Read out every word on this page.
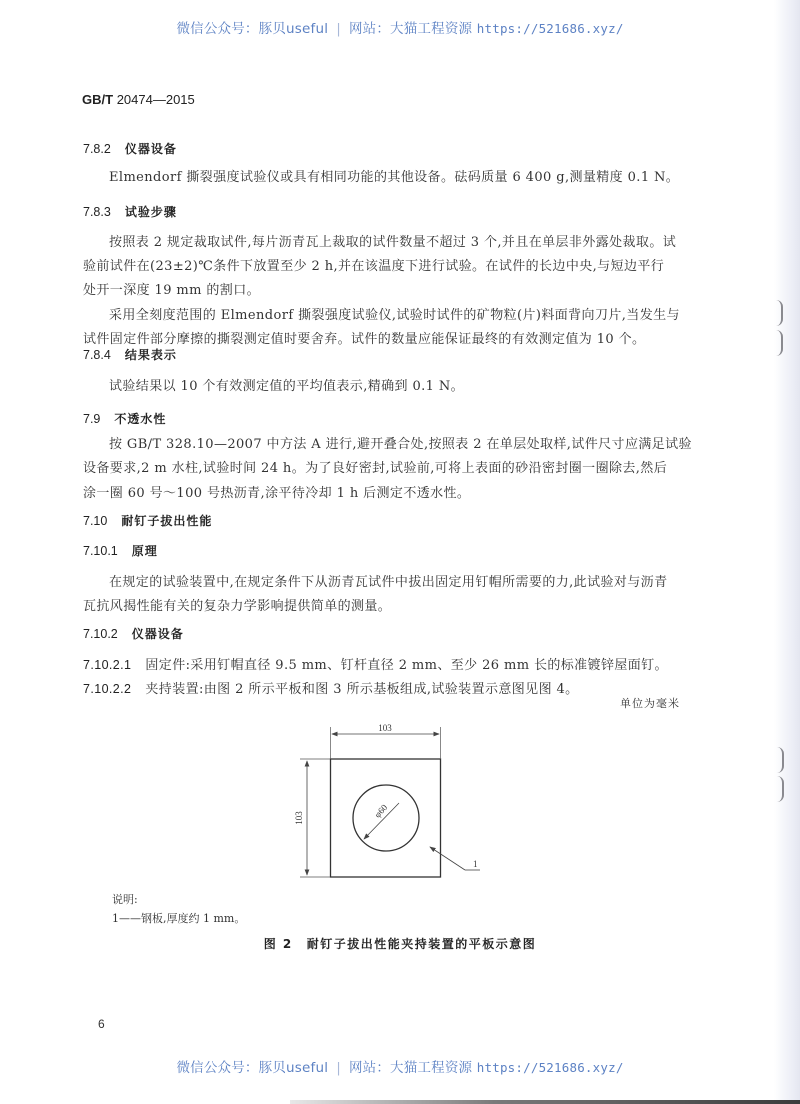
微信公众号：豚贝useful | 网站：大猫工程资源 https://521686.xyz/
GB/T 20474—2015
7.8.2 仪器设备
Elmendorf 撕裂强度试验仪或具有相同功能的其他设备。砝码质量 6 400 g,测量精度 0.1 N。
7.8.3 试验步骤
按照表 2 规定裁取试件,每片沥青瓦上裁取的试件数量不超过 3 个,并且在单层非外露处裁取。试
验前试件在(23±2)℃条件下放置至少 2 h,并在该温度下进行试验。在试件的长边中央,与短边平行
处开一深度 19 mm 的割口。
采用全刻度范围的 Elmendorf 撕裂强度试验仪,试验时试件的矿物粒(片)料面背向刀片,当发生与
试件固定件部分摩擦的撕裂测定值时要舍弃。试件的数量应能保证最终的有效测定值为 10 个。
7.8.4 结果表示
试验结果以 10 个有效测定值的平均值表示,精确到 0.1 N。
7.9 不透水性
按 GB/T 328.10—2007 中方法 A 进行,避开叠合处,按照表 2 在单层处取样,试件尺寸应满足试验
设备要求,2 m 水柱,试验时间 24 h。为了良好密封,试验前,可将上表面的砂沿密封圈一圈除去,然后
涂一圈 60 号～100 号热沥青,涂平待冷却 1 h 后测定不透水性。
7.10 耐钉子拔出性能
7.10.1 原理
在规定的试验装置中,在规定条件下从沥青瓦试件中拔出固定用钉帽所需要的力,此试验对与沥青
瓦抗风揭性能有关的复杂力学影响提供简单的测量。
7.10.2 仪器设备
7.10.2.1 固定件:采用钉帽直径 9.5 mm、钉杆直径 2 mm、至少 26 mm 长的标准镀锌屋面钉。
7.10.2.2 夹持装置:由图 2 所示平板和图 3 所示基板组成,试验装置示意图见图 4。
单位为毫米
103
103	φ60
1
说明:
1——钢板,厚度约 1 mm。
图 2 耐钉子拔出性能夹持装置的平板示意图
6
微信公众号：豚贝useful | 网站：大猫工程资源 https://521686.xyz/
